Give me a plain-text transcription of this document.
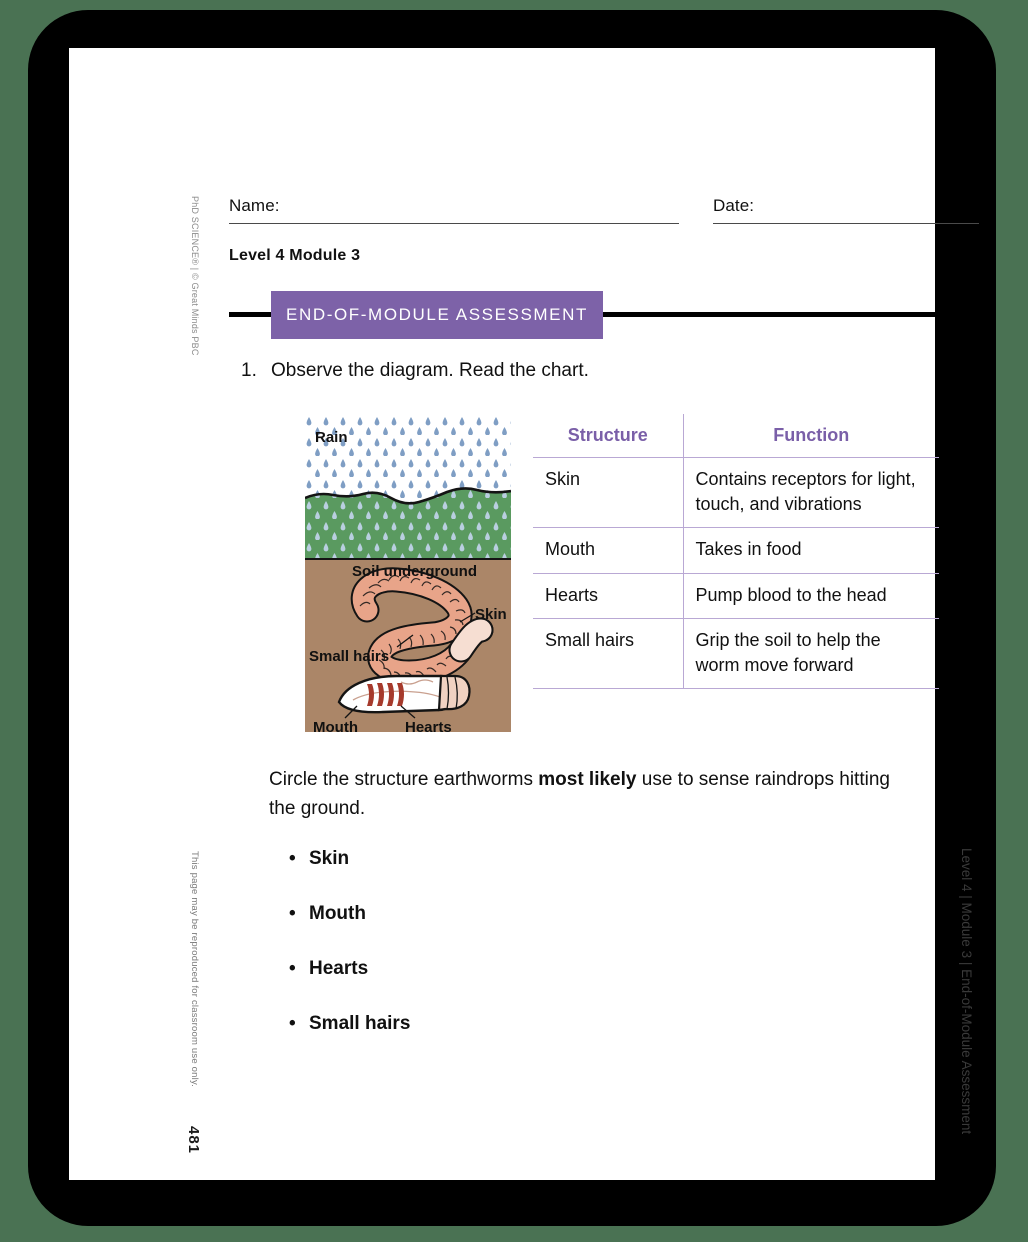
PhD SCIENCE® | © Great Minds PBC
This page may be reproduced for classroom use only.
481
Level 4 | Module 3 | End-of-Module Assessment
Name:	Date:
Level 4 Module 3
END-OF-MODULE ASSESSMENT
1. Observe the diagram. Read the chart.
Rain
Soil underground
Skin
Small hairs
Mouth	Hearts
Structure	Function
Skin	Contains receptors for light, touch, and vibrations
Mouth	Takes in food
Hearts	Pump blood to the head
Small hairs	Grip the soil to help the worm move forward
Circle the structure earthworms most likely use to sense raindrops hitting the ground.
• Skin
• Mouth
• Hearts
• Small hairs
